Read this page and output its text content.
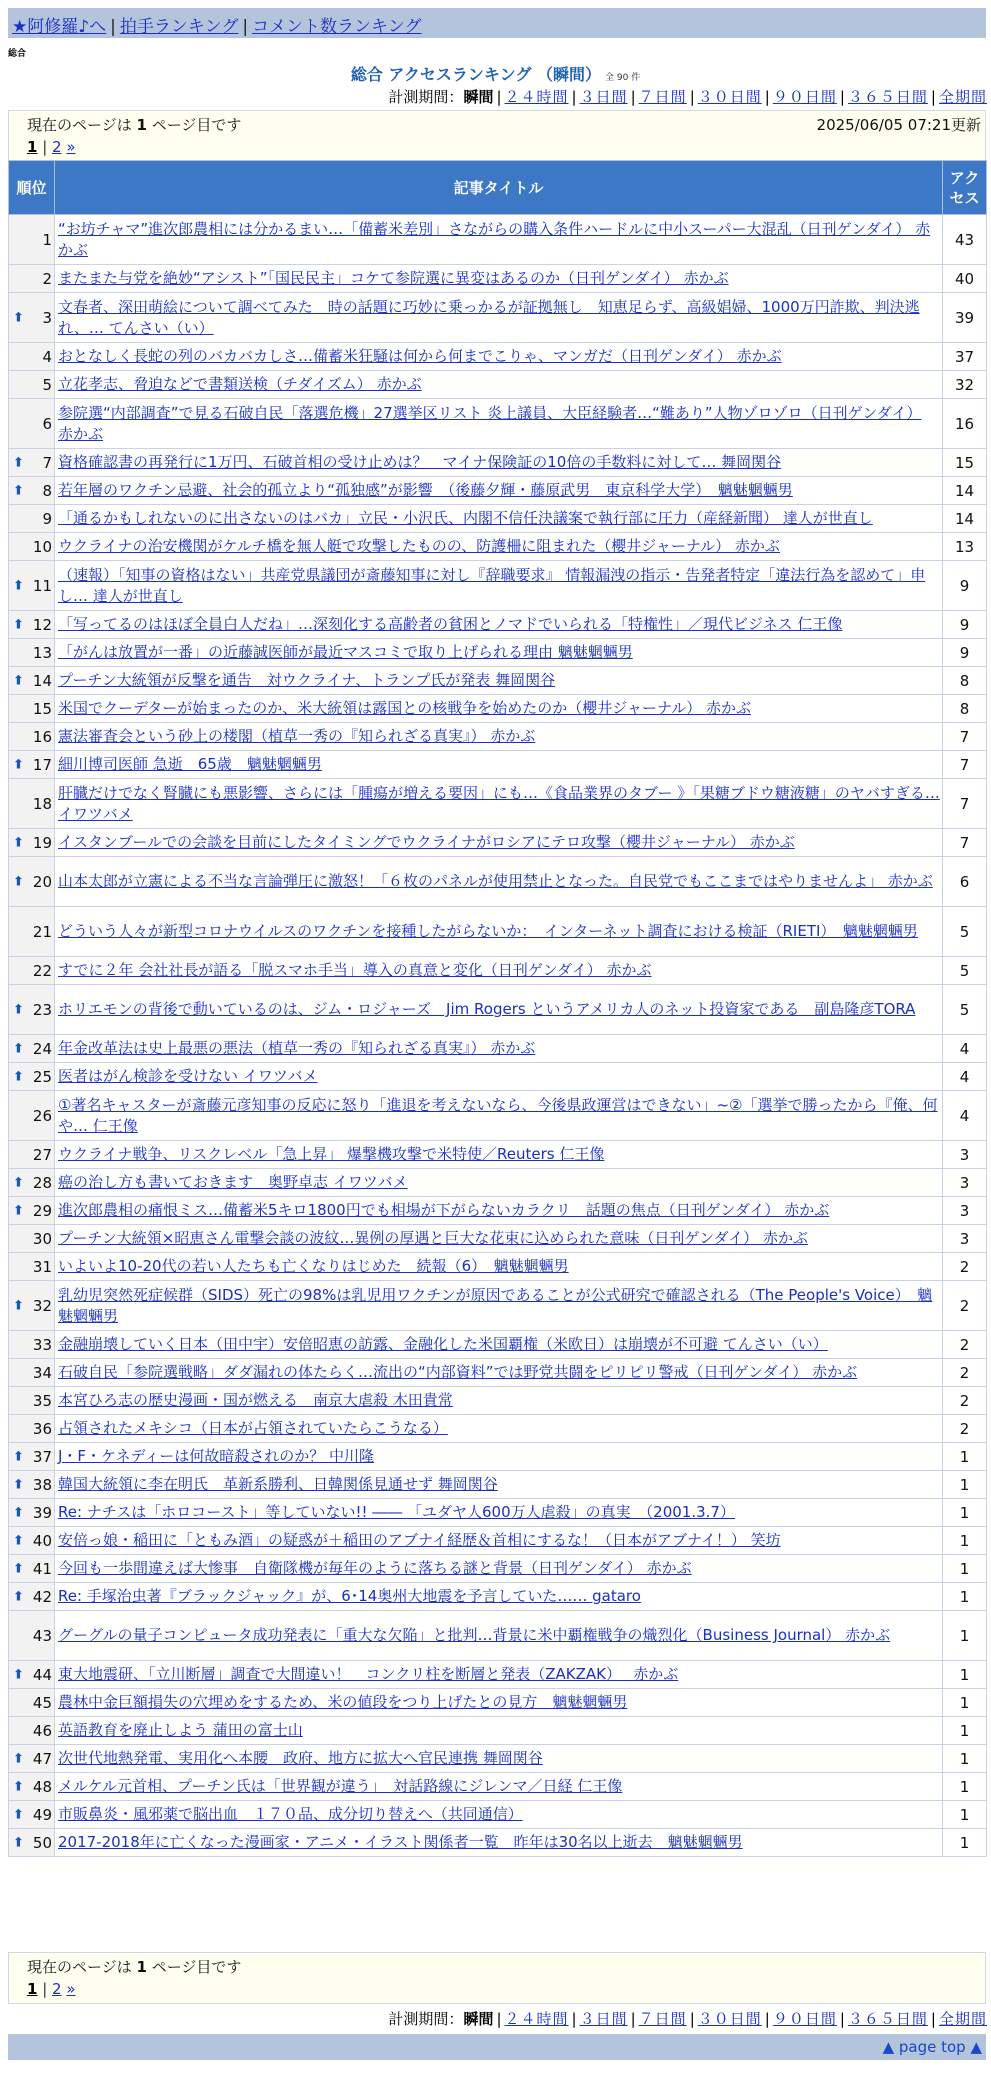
★阿修羅♪へ | 拍手ランキング | コメント数ランキング
総合
総合 アクセスランキング （瞬間） 全 90 件
計測期間：瞬間 | ２４時間 | ３日間 | ７日間 | ３０日間 | ９０日間 | ３６５日間 | 全期間
現在のページは 1 ページ目です	2025/06/05 07:21更新
1 | 2 »
順位	記事タイトル	アクセス
1	“お坊チャマ”進次郎農相には分かるまい…「備蓄米差別」さながらの購入条件ハードルに中小スーパー大混乱（日刊ゲンダイ） 赤かぶ	43
2	またまた与党を絶妙“アシスト”「国民民主」コケて参院選に異変はあるのか（日刊ゲンダイ） 赤かぶ	40

⬆ 3	文春者、深田萌絵について調べてみた　時の話題に巧妙に乗っかるが証拠無し　知恵足らず、高級娼婦、1000万円詐欺、判決逃れ、… てんさい（い）	39
4	おとなしく長蛇の列のバカバカしさ…備蓄米狂騒は何から何までこりゃ、マンガだ（日刊ゲンダイ） 赤かぶ	37
5	立花孝志、脅迫などで書類送検（チダイズム） 赤かぶ	32
6	参院選“内部調査”で見る石破自民「落選危機」27選挙区リスト 炎上議員、大臣経験者…“難あり”人物ゾロゾロ（日刊ゲンダイ） 赤かぶ	16

⬆ 7	資格確認書の再発行に1万円、石破首相の受け止めは？　マイナ保険証の10倍の手数料に対して… 舞岡関谷	15

⬆ 8	若年層のワクチン忌避、社会的孤立より“孤独感”が影響　（後藤夕輝・藤原武男　東京科学大学）　魑魅魍魎男	14
9	「通るかもしれないのに出さないのはバカ」立民・小沢氏、内閣不信任決議案で執行部に圧力（産経新聞） 達人が世直し	14
10	ウクライナの治安機関がケルチ橋を無人艇で攻撃したものの、防護柵に阻まれた（櫻井ジャーナル） 赤かぶ	13

⬆ 11	（速報）「知事の資格はない」共産党県議団が斎藤知事に対し『辞職要求』 情報漏洩の指示・告発者特定「違法行為を認めて」申し… 達人が世直し	9

⬆ 12	「写ってるのはほぼ全員白人だね」…深刻化する高齢者の貧困とノマドでいられる「特権性」／現代ビジネス 仁王像	9
13	「がんは放置が一番」の近藤誠医師が最近マスコミで取り上げられる理由 魑魅魍魎男	9

⬆ 14	プーチン大統領が反撃を通告　対ウクライナ、トランプ氏が発表 舞岡関谷	8
15	米国でクーデターが始まったのか、米大統領は露国との核戦争を始めたのか（櫻井ジャーナル） 赤かぶ	8
16	憲法審査会という砂上の楼閣（植草一秀の『知られざる真実』） 赤かぶ	7

⬆ 17	細川博司医師 急逝　65歳　魑魅魍魎男	7
18	肝臓だけでなく腎臓にも悪影響、さらには「腫瘍が増える要因」にも…《食品業界のタブー 》「果糖ブドウ糖液糖」のヤバすぎる… イワツバメ	7

⬆ 19	イスタンブールでの会談を目前にしたタイミングでウクライナがロシアにテロ攻撃（櫻井ジャーナル） 赤かぶ	7

⬆ 20	山本太郎が立憲による不当な言論弾圧に激怒！「６枚のパネルが使用禁止となった。自民党でもここまではやりませんよ」 赤かぶ	6
21	どういう人々が新型コロナウイルスのワクチンを接種したがらないか：　インターネット調査における検証（RIETI）　魑魅魍魎男	5
22	すでに２年 会社社長が語る「脱スマホ手当」導入の真意と変化（日刊ゲンダイ） 赤かぶ	5

⬆ 23	ホリエモンの背後で動いているのは、ジム・ロジャーズ　Jim Rogers というアメリカ人のネット投資家である　副島隆彦TORA	5

⬆ 24	年金改革法は史上最悪の悪法（植草一秀の『知られざる真実』） 赤かぶ	4

⬆ 25	医者はがん検診を受けない イワツバメ	4
26	①著名キャスターが斎藤元彦知事の反応に怒り「進退を考えないなら、今後県政運営はできない」~②「選挙で勝ったから『俺、何や… 仁王像	4
27	ウクライナ戦争、リスクレベル「急上昇」 爆撃機攻撃で米特使／Reuters 仁王像	3

⬆ 28	癌の治し方も書いておきます　奥野卓志 イワツバメ	3

⬆ 29	進次郎農相の痛恨ミス…備蓄米5キロ1800円でも相場が下がらないカラクリ　話題の焦点（日刊ゲンダイ） 赤かぶ	3
30	プーチン大統領×昭恵さん電撃会談の波紋…異例の厚遇と巨大な花束に込められた意味（日刊ゲンダイ） 赤かぶ	3
31	いよいよ10-20代の若い人たちも亡くなりはじめた　続報（6）　魑魅魍魎男	2

⬆ 32	乳幼児突然死症候群（SIDS）死亡の98%は乳児用ワクチンが原因であることが公式研究で確認される（The People's Voice）　魑魅魍魎男	2
33	金融崩壊していく日本（田中宇）安倍昭恵の訪露、金融化した米国覇権（米欧日）は崩壊が不可避 てんさい（い）	2
34	石破自民「参院選戦略」ダダ漏れの体たらく…流出の“内部資料”では野党共闘をピリピリ警戒（日刊ゲンダイ） 赤かぶ	2
35	本宮ひろ志の歴史漫画・国が燃える　南京大虐殺 木田貴常	2
36	占領されたメキシコ（日本が占領されていたらこうなる）	2

⬆ 37	J・F・ケネディーは何故暗殺されのか？ 中川隆	1

⬆ 38	韓国大統領に李在明氏　革新系勝利、日韓関係見通せず 舞岡関谷	1

⬆ 39	Re: ナチスは「ホロコースト」等していない!! ―― 「ユダヤ人600万人虐殺」の真実　（2001.3.7）	1

⬆ 40	安倍っ娘・稲田に「ともみ酒」の疑惑が＋稲田のアブナイ経歴＆首相にするな！（日本がアブナイ！） 笑坊	1

⬆ 41	今回も一歩間違えば大惨事　自衛隊機が毎年のように落ちる謎と背景（日刊ゲンダイ） 赤かぶ	1

⬆ 42	Re: 手塚治虫著『ブラックジャック』が、6･14奥州大地震を予言していた…… gataro	1
43	グーグルの量子コンピュータ成功発表に「重大な欠陥」と批判…背景に米中覇権戦争の熾烈化（Business Journal） 赤かぶ	1

⬆ 44	東大地震研、「立川断層」調査で大間違い！　コンクリ柱を断層と発表（ZAKZAK）　 赤かぶ	1
45	農林中金巨額損失の穴埋めをするため、米の値段をつり上げたとの見方　魑魅魍魎男	1
46	英語教育を廃止しよう 蒲田の富士山	1

⬆ 47	次世代地熱発電、実用化へ本腰　政府、地方に拡大へ官民連携 舞岡関谷	1

⬆ 48	メルケル元首相、プーチン氏は「世界観が違う」　対話路線にジレンマ／日経 仁王像	1

⬆ 49	市販鼻炎・風邪薬で脳出血　１７０品、成分切り替えへ（共同通信）	1

⬆ 50	2017-2018年に亡くなった漫画家・アニメ・イラスト関係者一覧　昨年は30名以上逝去　魑魅魍魎男	1
現在のページは 1 ページ目です
1 | 2 »
計測期間：瞬間 | ２４時間 | ３日間 | ７日間 | ３０日間 | ９０日間 | ３６５日間 | 全期間
▲ page top ▲
